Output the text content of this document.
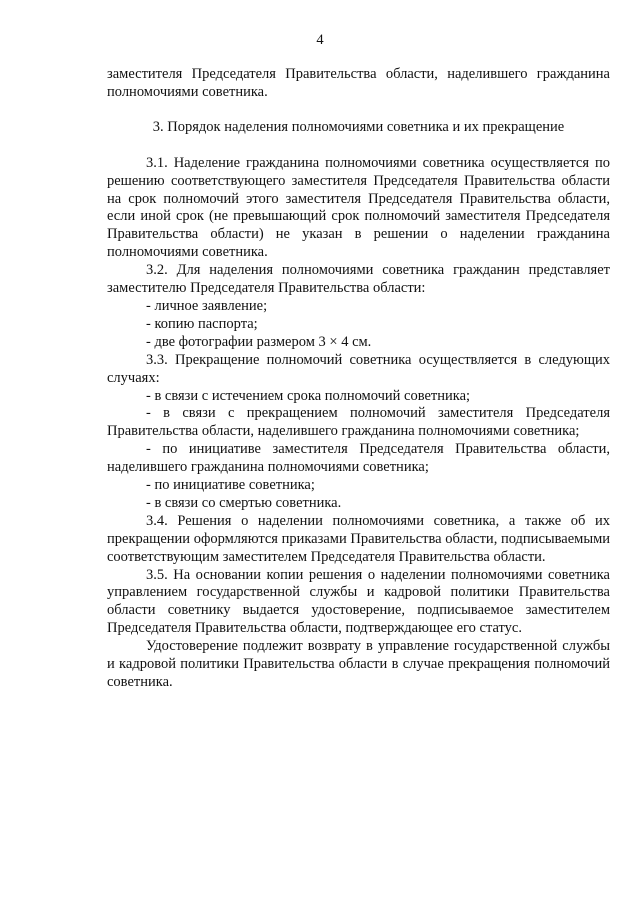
4

заместителя Председателя Правительства области, наделившего гражданина полномочиями советника.

3. Порядок наделения полномочиями советника и их прекращение

3.1. Наделение гражданина полномочиями советника осуществляется по решению соответствующего заместителя Председателя Правительства области на срок полномочий этого заместителя Председателя Правительства области, если иной срок (не превышающий срок полномочий заместителя Председателя Правительства области) не указан в решении о наделении гражданина полномочиями советника.

3.2. Для наделения полномочиями советника гражданин представляет заместителю Председателя Правительства области:

- личное заявление;

- копию паспорта;

- две фотографии размером 3 × 4 см.

3.3. Прекращение полномочий советника осуществляется в следующих случаях:

- в связи с истечением срока полномочий советника;

- в связи с прекращением полномочий заместителя Председателя Правительства области, наделившего гражданина полномочиями советника;

- по инициативе заместителя Председателя Правительства области, наделившего гражданина полномочиями советника;

- по инициативе советника;

- в связи со смертью советника.

3.4. Решения о наделении полномочиями советника, а также об их прекращении оформляются приказами Правительства области, подписываемыми соответствующим заместителем Председателя Правительства области.

3.5. На основании копии решения о наделении полномочиями советника управлением государственной службы и кадровой политики Правительства области советнику выдается удостоверение, подписываемое заместителем Председателя Правительства области, подтверждающее его статус.

Удостоверение подлежит возврату в управление государственной службы и кадровой политики Правительства области в случае прекращения полномочий советника.
